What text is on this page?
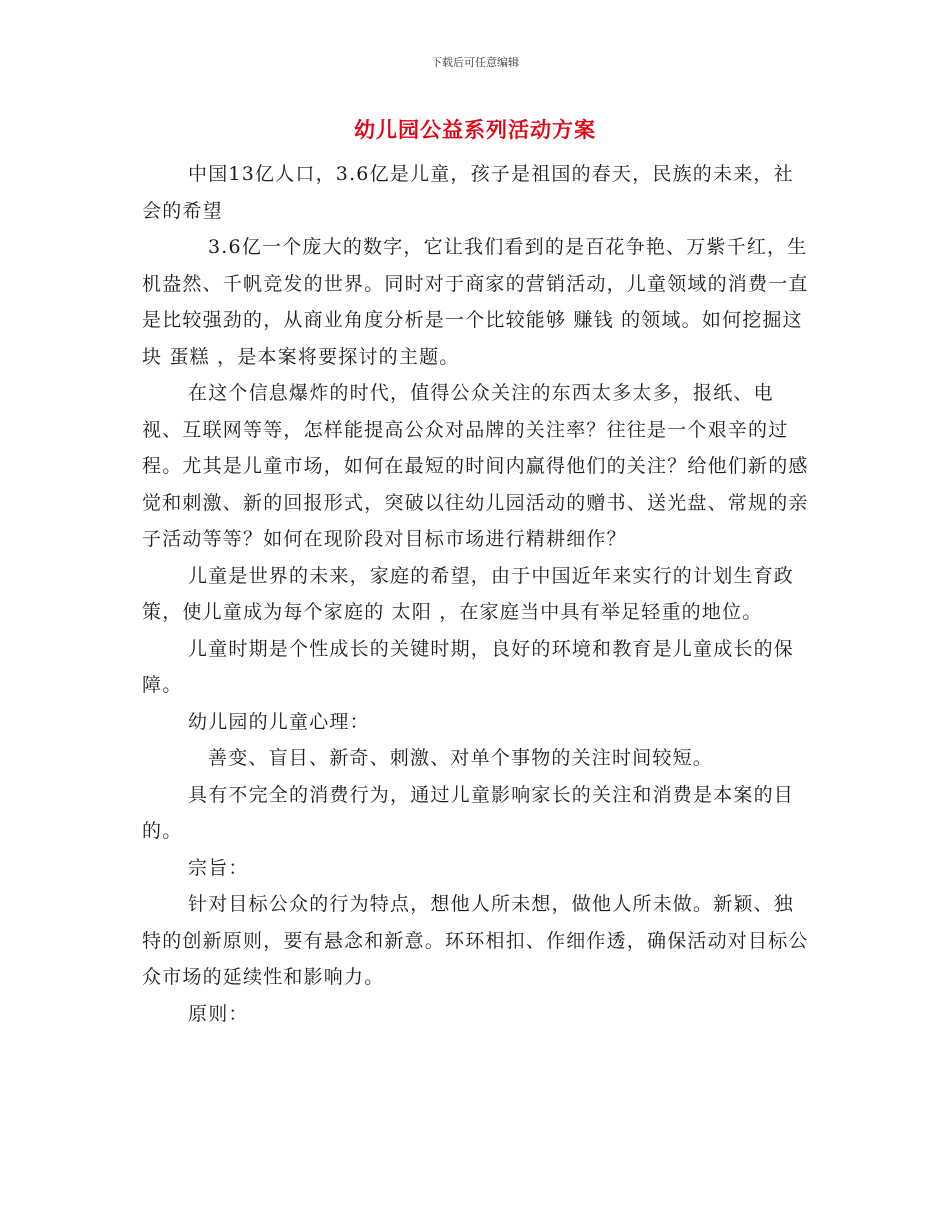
下载后可任意编辑
幼儿园公益系列活动方案

中国13亿人口，3.6亿是儿童，孩子是祖国的春天，民族的未来，社会的希望

3.6亿一个庞大的数字，它让我们看到的是百花争艳、万紫千红，生机盎然、千帆竞发的世界。同时对于商家的营销活动，儿童领域的消费一直是比较强劲的，从商业角度分析是一个比较能够 赚钱 的领域。如何挖掘这块 蛋糕 ，是本案将要探讨的主题。

在这个信息爆炸的时代，值得公众关注的东西太多太多，报纸、电视、互联网等等，怎样能提高公众对品牌的关注率？往往是一个艰辛的过程。尤其是儿童市场，如何在最短的时间内赢得他们的关注？给他们新的感觉和刺激、新的回报形式，突破以往幼儿园活动的赠书、送光盘、常规的亲子活动等等？如何在现阶段对目标市场进行精耕细作？

儿童是世界的未来，家庭的希望，由于中国近年来实行的计划生育政策，使儿童成为每个家庭的 太阳 ，在家庭当中具有举足轻重的地位。

儿童时期是个性成长的关键时期，良好的环境和教育是儿童成长的保障。

幼儿园的儿童心理：

善变、盲目、新奇、刺激、对单个事物的关注时间较短。

具有不完全的消费行为，通过儿童影响家长的关注和消费是本案的目的。

宗旨：

针对目标公众的行为特点，想他人所未想，做他人所未做。新颖、独特的创新原则，要有悬念和新意。环环相扣、作细作透，确保活动对目标公众市场的延续性和影响力。

原则：
